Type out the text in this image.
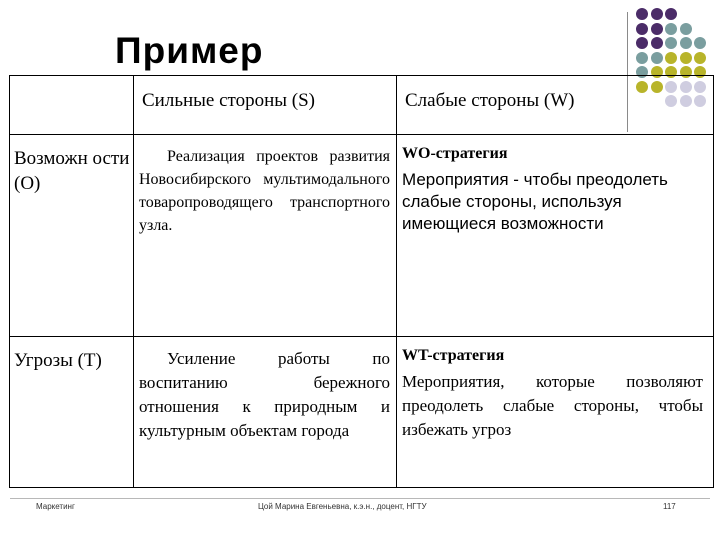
Пример

	Сильные стороны (S)	Слабые стороны (W)

Возможн ости (О)	Реализация проектов развития Новосибирского мультимодального товаропроводящего транспортного узла.	WO-стратегия
Мероприятия - чтобы преодолеть слабые стороны, используя имеющиеся возможности

Угрозы (Т)	Усиление работы по воспитанию бережного отношения к природным и культурным объектам города	WT-стратегия
Мероприятия, которые позволяют преодолеть слабые стороны, чтобы избежать угроз
Маркетинг	Цой Марина Евгеньевна, к.э.н., доцент, НГТУ	117
